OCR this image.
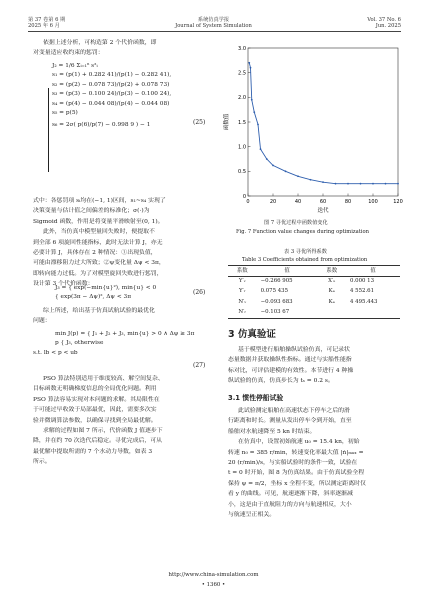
第 37 卷第 6 期
2025 年 6 月
系统仿真学报
Journal of System Simulation
Vol. 37 No. 6
Jun. 2025
依据上述分析，可构造第 2 个代价函数，即
对变量适应收约束的惩罚：
J₂ = 1/6 Σᵢ₌₁⁶ s²ᵢ
s₁ = (p(1) + 0.282 41)/(p(1) − 0.282 41),
s₂ = (p(2) − 0.078 73)/(p(2) + 0.078 73)
s₃ = (p(3) − 0.100 24)/(p(3) − 0.100 24),
s₄ = (p(4) − 0.044 08)/(p(4) − 0.044 08)
s₅ = p(5)
s₆ = 2σ( p(6)/p(7) − 0.998 9 ) − 1	(25)
式中：各惩罚项 sᵢ均在(−1, 1)区间，s₁~s₄ 实现了
决策变量与估计值之间偏差的标准化；σ(·)为
Sigmoid 函数，作用是将变量平滑映射至(0, 1)。
此外，当仿真中模型量回失败时，便提取不
到全部 6 项旋回性能指标，此时无法计算 J，亦无
必要计算 J，具体存在 2 种情况：①出现负值，
可能由漂移阻力过大所致；②ψ变化量 Δψ < 3π，
即转向能力过低。为了对模型旋回失败进行惩罚，
设计第 3 个代价函数：
J₃ = { exp(−min{u}²), min{u} < 0
{ exp(3π − Δψ)², Δψ < 3π
(26)
综上所述，给出基于仿真试航试验的最优化
问题：
min J(p) = { J₁ + J₂ + J₃, min{u} > 0 ∧ Δψ ≥ 3π
p { J₃, otherwise
s.t. lb < p < ub
(27)
PSO 算法特别适用于维度较高、解空间复杂、
目标函数无明确梯度信息的全局优化问题。利用
PSO 算法容易实现对本问题的求解。其局限性在
于可能过早收敛于局部最优，因此，需要多次实
验并微调算法参数，以确保寻找到全局最优解。
求解的过程如图 7 所示，代价函数 J 值逐步下
降，并在约 70 次迭代后稳定。寻优完成后，可从
最优解中提取所需的 7 个水动力导数，如表 3
所示。
0	20	40	60	80	100	120
0
0.5
1.0
1.5
2.0
2.5
3.0
迭代
函数值
图 7 寻优过程中函数值变化
Fig. 7 Function value changes during optimization
表 3 寻优所得系数
Table 3 Coefficients obtained from optimization
系数	值	系数	值
Y′ᵥ	−0.266 905	X′ᵤ	0.000 13
Y′ᵣ	0.075 435	Kₐ	4 552.61
N′ᵥ	−0.093 683	Kₐ	4 495.443
N′ᵣ	−0.103 67		
3 仿真验证
基于模型进行船舶操纵试验仿真，可记录状
态量数据并获取操纵性指标。通过与实船性能指
标对比，可评估建模的有效性。本节进行 4 种操
纵试验的仿真，仿真步长为 tₛ = 0.2 s。
3.1 惯性停船试验
此试验测定船舶在高速状态下停车之后的滑
行距离和时长。测量从发出停车令到开始，直至
船舶对水航速降至 5 kn 时结束。
在仿真中，设置初始航速 u₀ = 15.4 kn，初始
转速 n₀ = 385 r/min，转速变化率最大值 |ṅ|ₘₐₓ =
20 (r/min)/s，与实船试验时的条件一致，试验在
t = 0 时开始，图 8 为仿真结果。由于仿真试验全程
保持 ψ = π/2，坐标 x 全程不变，所以测定距离时仅
看 y 的曲线。可见，航速逐渐下降，斜率逐渐减
小，这是由于直航阻力的方向与航速相反，大小
与航速呈正相关。
http://www.china-simulation.com
• 1360 •
